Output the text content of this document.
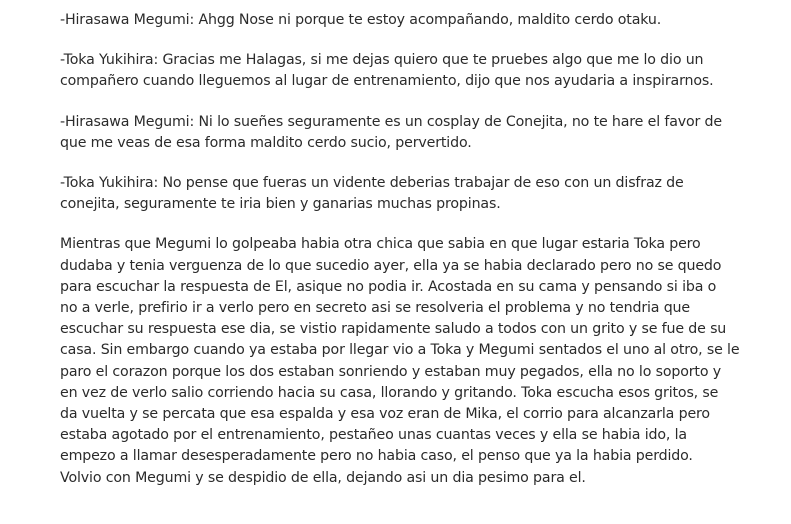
-Hirasawa Megumi: Ahgg Nose ni porque te estoy acompañando, maldito cerdo otaku.

-Toka Yukihira: Gracias me Halagas, si me dejas quiero que te pruebes algo que me lo dio un
compañero cuando lleguemos al lugar de entrenamiento, dijo que nos ayudaria a inspirarnos.

-Hirasawa Megumi: Ni lo sueñes seguramente es un cosplay de Conejita, no te hare el favor de
que me veas de esa forma maldito cerdo sucio, pervertido.

-Toka Yukihira: No pense que fueras un vidente deberias trabajar de eso con un disfraz de
conejita, seguramente te iria bien y ganarias muchas propinas.

Mientras que Megumi lo golpeaba habia otra chica que sabia en que lugar estaria Toka pero
dudaba y tenia verguenza de lo que sucedio ayer, ella ya se habia declarado pero no se quedo
para escuchar la respuesta de El, asique no podia ir. Acostada en su cama y pensando si iba o
no a verle, prefirio ir a verlo pero en secreto asi se resolveria el problema y no tendria que
escuchar su respuesta ese dia, se vistio rapidamente saludo a todos con un grito y se fue de su
casa. Sin embargo cuando ya estaba por llegar vio a Toka y Megumi sentados el uno al otro, se le
paro el corazon porque los dos estaban sonriendo y estaban muy pegados, ella no lo soporto y
en vez de verlo salio corriendo hacia su casa, llorando y gritando. Toka escucha esos gritos, se
da vuelta y se percata que esa espalda y esa voz eran de Mika, el corrio para alcanzarla pero
estaba agotado por el entrenamiento, pestañeo unas cuantas veces y ella se habia ido, la
empezo a llamar desesperadamente pero no habia caso, el penso que ya la habia perdido.
Volvio con Megumi y se despidio de ella, dejando asi un dia pesimo para el.
